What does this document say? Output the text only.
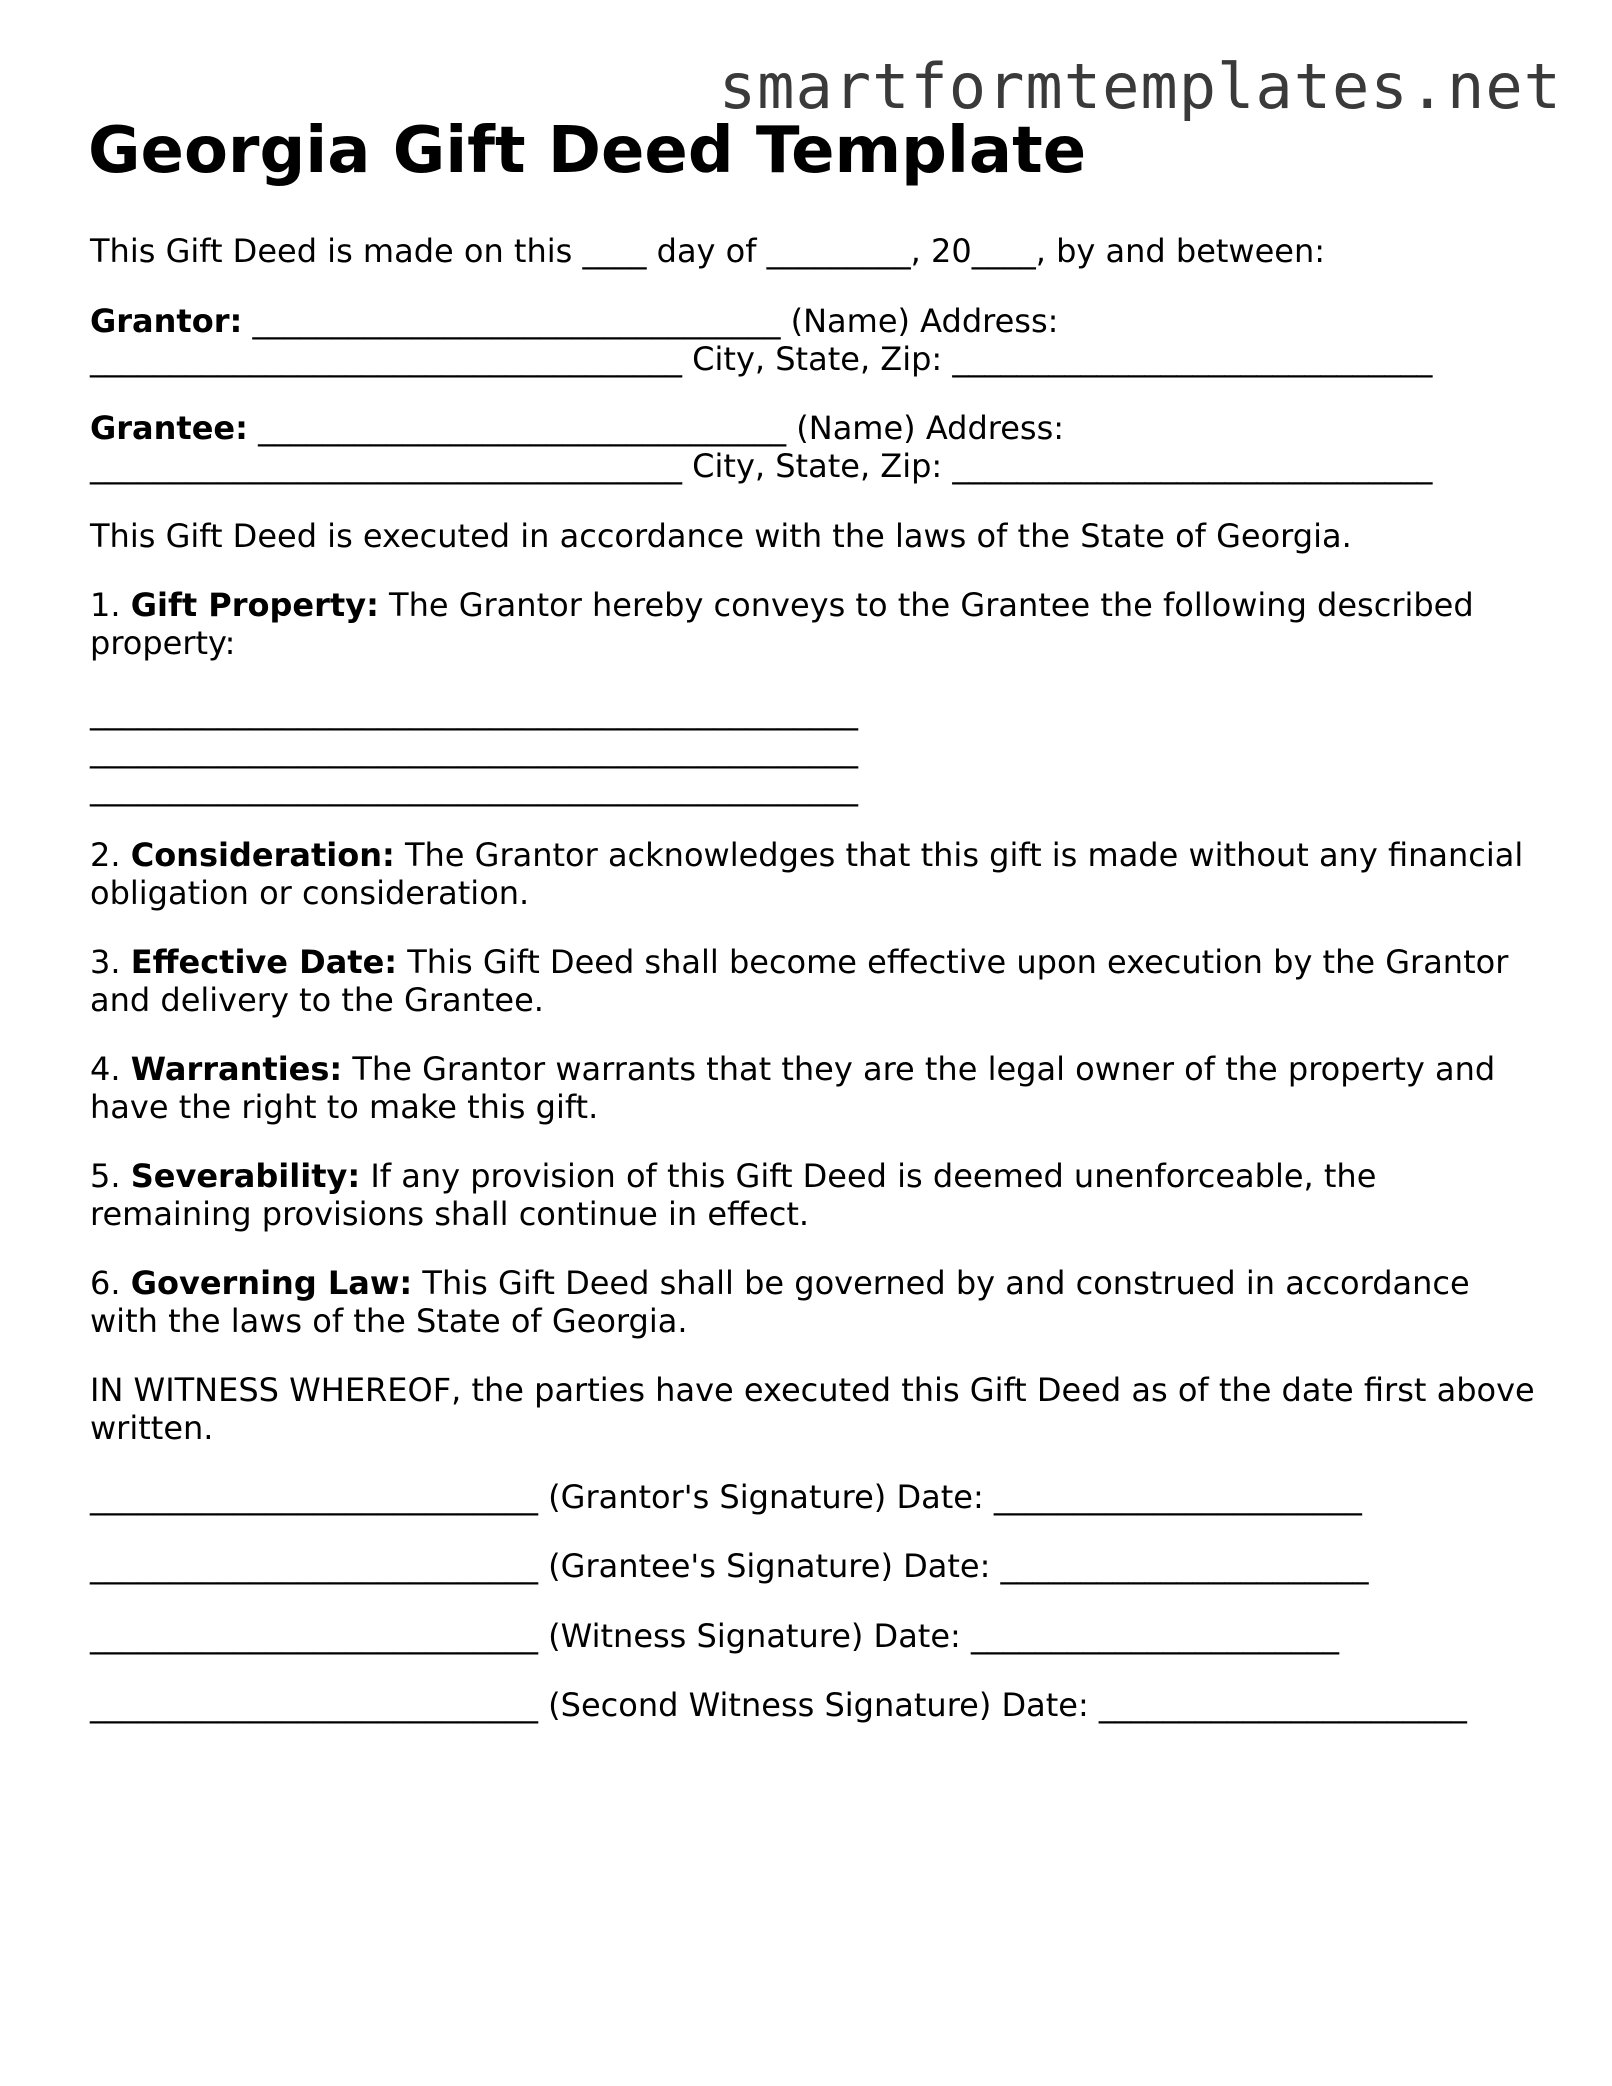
smartformtemplates.net
Georgia Gift Deed Template

This Gift Deed is made on this ____ day of _________, 20____, by and between:

Grantor: _________________________________ (Name) Address:
_____________________________________ City, State, Zip: ______________________________

Grantee: _________________________________ (Name) Address:
_____________________________________ City, State, Zip: ______________________________

This Gift Deed is executed in accordance with the laws of the State of Georgia.

1. Gift Property: The Grantor hereby conveys to the Grantee the following described property:

________________________________________________
________________________________________________
________________________________________________

2. Consideration: The Grantor acknowledges that this gift is made without any financial obligation or consideration.

3. Effective Date: This Gift Deed shall become effective upon execution by the Grantor and delivery to the Grantee.

4. Warranties: The Grantor warrants that they are the legal owner of the property and have the right to make this gift.

5. Severability: If any provision of this Gift Deed is deemed unenforceable, the remaining provisions shall continue in effect.

6. Governing Law: This Gift Deed shall be governed by and construed in accordance with the laws of the State of Georgia.

IN WITNESS WHEREOF, the parties have executed this Gift Deed as of the date first above written.

____________________________ (Grantor's Signature) Date: _______________________

____________________________ (Grantee's Signature) Date: _______________________

____________________________ (Witness Signature) Date: _______________________

____________________________ (Second Witness Signature) Date: _______________________
